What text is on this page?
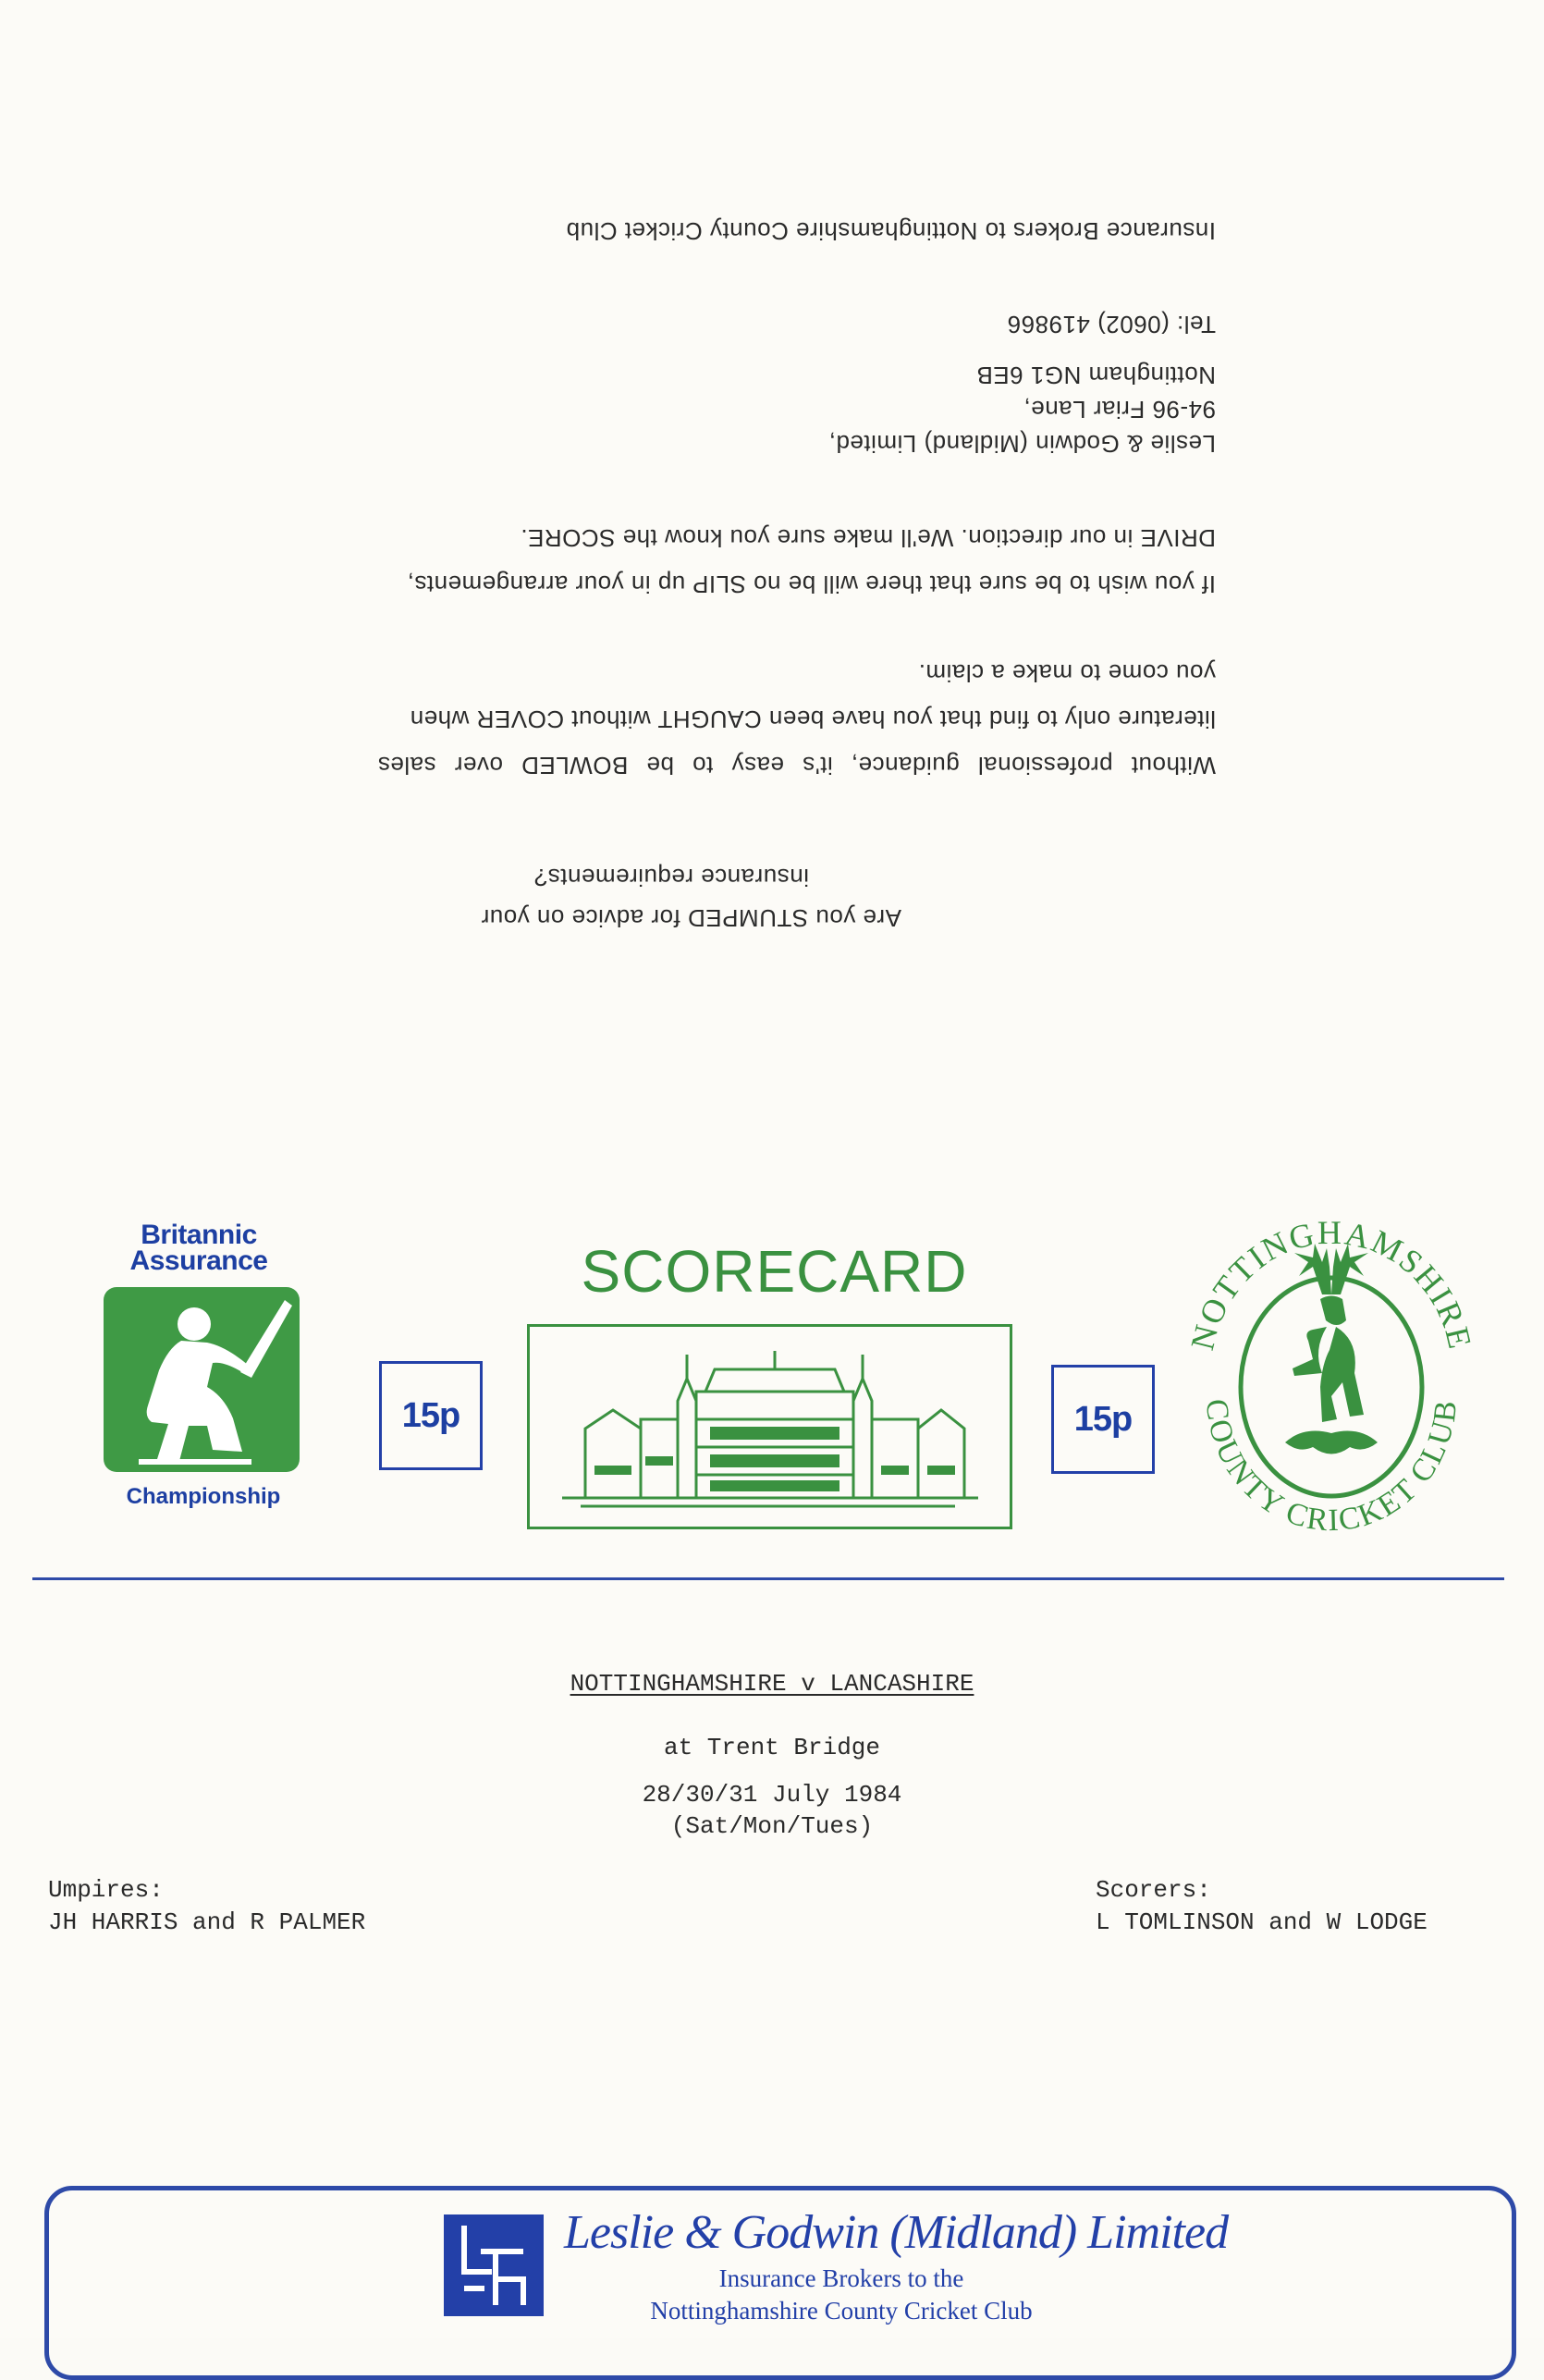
Are you STUMPED for advice on your

insurance requirements?

Without professional guidance, it's easy to be BOWLED over sales

literature only to find that you have been CAUGHT without COVER when

you come to make a claim.

If you wish to be sure that there will be no SLIP up in your arrangements,

DRIVE in our direction. We'll make sure you know the SCORE.

Leslie & Godwin (Midland) Limited,

94-96 Friar Lane,

Nottingham NG1 6EB

Tel: (0602) 419866

Insurance Brokers to Nottinghamshire County Cricket Club

Britannic
Assurance
Championship
15p	15p
SCORECARD
NOTTINGHAMSHIRE
COUNTY CRICKET CLUB
NOTTINGHAMSHIRE v LANCASHIRE
at Trent Bridge
28/30/31 July 1984
(Sat/Mon/Tues)
Umpires:
JH HARRIS and R PALMER
Scorers:
L TOMLINSON and W LODGE
Leslie & Godwin (Midland) Limited
Insurance Brokers to the
Nottinghamshire County Cricket Club
